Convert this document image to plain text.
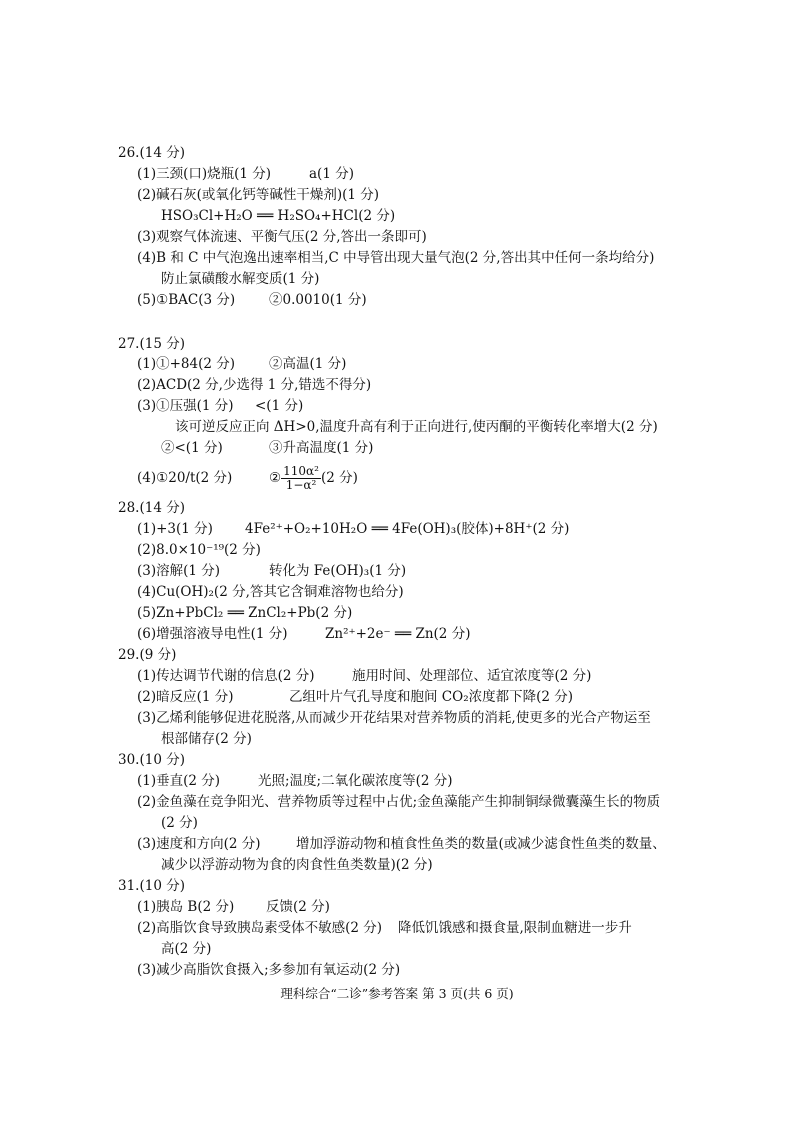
26.(14 分)
(1)三颈(口)烧瓶(1 分)	a(1 分)
(2)碱石灰(或氧化钙等碱性干燥剂)(1 分)
HSO₃Cl+H₂O ══ H₂SO₄+HCl(2 分)
(3)观察气体流速、平衡气压(2 分,答出一条即可)
(4)B 和 C 中气泡逸出速率相当,C 中导管出现大量气泡(2 分,答出其中任何一条均给分)
防止氯磺酸水解变质(1 分)
(5)①BAC(3 分)	②0.0010(1 分)
27.(15 分)
(1)①+84(2 分)	②高温(1 分)
(2)ACD(2 分,少选得 1 分,错选不得分)
(3)①压强(1 分) <(1 分)
该可逆反应正向 ΔH>0,温度升高有利于正向进行,使丙酮的平衡转化率增大(2 分)
②<(1 分)	③升高温度(1 分)
(4)①20/t(2 分)	② $\frac{\text{110α²}}{\text{1−α²}} (2$ 分)
28.(14 分)
(1)+3(1 分) 4Fe²⁺+O₂+10H₂O ══ 4Fe(OH)₃(胶体)+8H⁺(2 分)
(2)8.0×10⁻¹⁹(2 分)
(3)溶解(1 分)	转化为 Fe(OH)₃(1 分)
(4)Cu(OH)₂(2 分,答其它含铜难溶物也给分)
(5)Zn+PbCl₂ ══ ZnCl₂+Pb(2 分)
(6)增强溶液导电性(1 分)	Zn²⁺+2e⁻ ══ Zn(2 分)
29.(9 分)
(1)传达调节代谢的信息(2 分)	施用时间、处理部位、适宜浓度等(2 分)
(2)暗反应(1 分)	乙组叶片气孔导度和胞间 CO₂浓度都下降(2 分)
(3)乙烯利能够促进花脱落,从而减少开花结果对营养物质的消耗,使更多的光合产物运至
根部储存(2 分)
30.(10 分)
(1)垂直(2 分)	光照;温度;二氧化碳浓度等(2 分)
(2)金鱼藻在竞争阳光、营养物质等过程中占优;金鱼藻能产生抑制铜绿微囊藻生长的物质
(2 分)
(3)速度和方向(2 分)	增加浮游动物和植食性鱼类的数量(或减少滤食性鱼类的数量、
减少以浮游动物为食的肉食性鱼类数量)(2 分)
31.(10 分)
(1)胰岛 B(2 分) 反馈(2 分)
(2)高脂饮食导致胰岛素受体不敏感(2 分) 降低饥饿感和摄食量,限制血糖进一步升
高(2 分)
(3)减少高脂饮食摄入;多参加有氧运动(2 分)
理科综合“二诊”参考答案 第 3 页(共 6 页)
